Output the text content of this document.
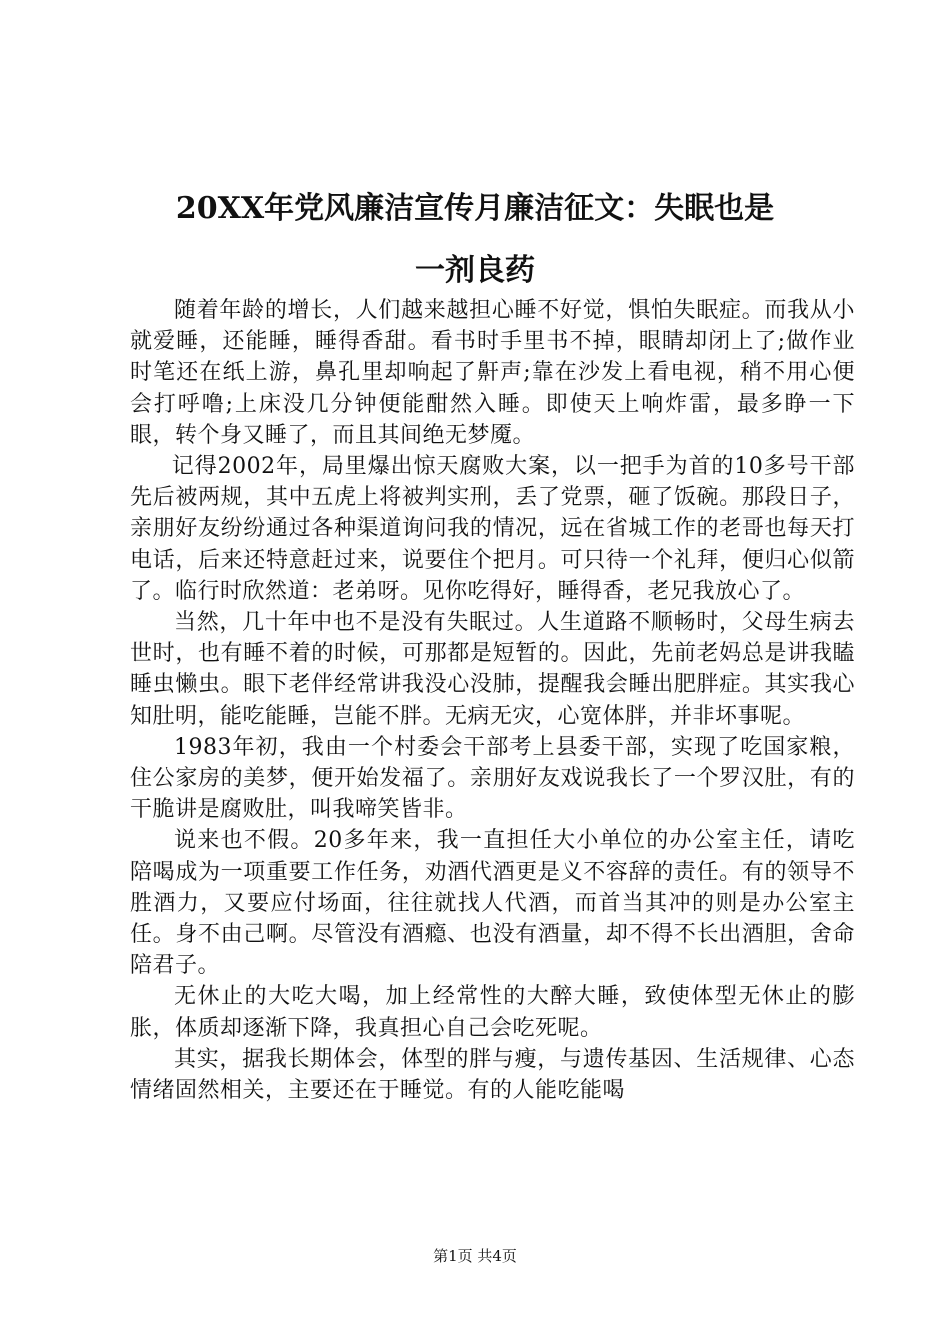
20XX年党风廉洁宣传月廉洁征文：失眠也是
一剂良药

随着年龄的增长，人们越来越担心睡不好觉，惧怕失眠症。而我从小就爱睡，还能睡，睡得香甜。看书时手里书不掉，眼睛却闭上了;做作业时笔还在纸上游，鼻孔里却响起了鼾声;靠在沙发上看电视，稍不用心便会打呼噜;上床没几分钟便能酣然入睡。即使天上响炸雷，最多睁一下眼，转个身又睡了，而且其间绝无梦魇。

记得2002年，局里爆出惊天腐败大案，以一把手为首的10多号干部先后被两规，其中五虎上将被判实刑，丢了党票，砸了饭碗。那段日子，亲朋好友纷纷通过各种渠道询问我的情况，远在省城工作的老哥也每天打电话，后来还特意赶过来，说要住个把月。可只待一个礼拜，便归心似箭了。临行时欣然道：老弟呀。见你吃得好，睡得香，老兄我放心了。

当然，几十年中也不是没有失眠过。人生道路不顺畅时，父母生病去世时，也有睡不着的时候，可那都是短暂的。因此，先前老妈总是讲我瞌睡虫懒虫。眼下老伴经常讲我没心没肺，提醒我会睡出肥胖症。其实我心知肚明，能吃能睡，岂能不胖。无病无灾，心宽体胖，并非坏事呢。

1983年初，我由一个村委会干部考上县委干部，实现了吃国家粮，住公家房的美梦，便开始发福了。亲朋好友戏说我长了一个罗汉肚，有的干脆讲是腐败肚，叫我啼笑皆非。

说来也不假。20多年来，我一直担任大小单位的办公室主任，请吃陪喝成为一项重要工作任务，劝酒代酒更是义不容辞的责任。有的领导不胜酒力，又要应付场面，往往就找人代酒，而首当其冲的则是办公室主任。身不由己啊。尽管没有酒瘾、也没有酒量，却不得不长出酒胆，舍命陪君子。

无休止的大吃大喝，加上经常性的大醉大睡，致使体型无休止的膨胀，体质却逐渐下降，我真担心自己会吃死呢。

其实，据我长期体会，体型的胖与瘦，与遗传基因、生活规律、心态情绪固然相关，主要还在于睡觉。有的人能吃能喝

第1页 共4页
